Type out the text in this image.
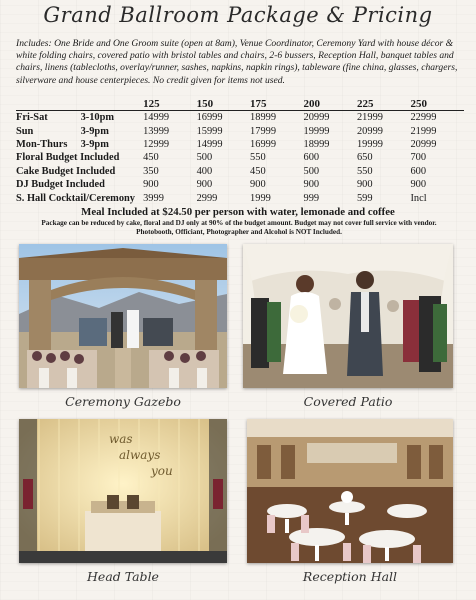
Grand Ballroom Package & Pricing
Includes: One Bride and One Groom suite (open at 8am), Venue Coordinator, Ceremony Yard with house décor & white folding chairs, covered patio with bristol tables and chairs, 2-6 bussers, Reception Hall, banquet tables and chairs, linens (tablecloths, overlay/runner, sashes, napkins, napkin rings), tableware (fine china, glasses, chargers, silverware and house centerpieces. No credit given for items not used.
		125	150	175	200	225	250
Fri-Sat	3-10pm	14999	16999	18999	20999	21999	22999
Sun	3-9pm	13999	15999	17999	19999	20999	21999
Mon-Thurs	3-9pm	12999	14999	16999	18999	19999	20999
Floral Budget Included		450	500	550	600	650	700
Cake Budget Included		350	400	450	500	550	600
DJ Budget Included		900	900	900	900	900	900
S. Hall Cocktail/Ceremony		3999	2999	1999	999	599	Incl
Meal Included at $24.50 per person with water, lemonade and coffee
Package can be reduced by cake, floral and DJ only at 90% of the budget amount. Budget may not cover full service with vendor.
Photobooth, Officiant, Photographer and Alcohol is NOT Included.
Ceremony Gazebo	Covered Patio
was
always
you
Head Table	Reception Hall
